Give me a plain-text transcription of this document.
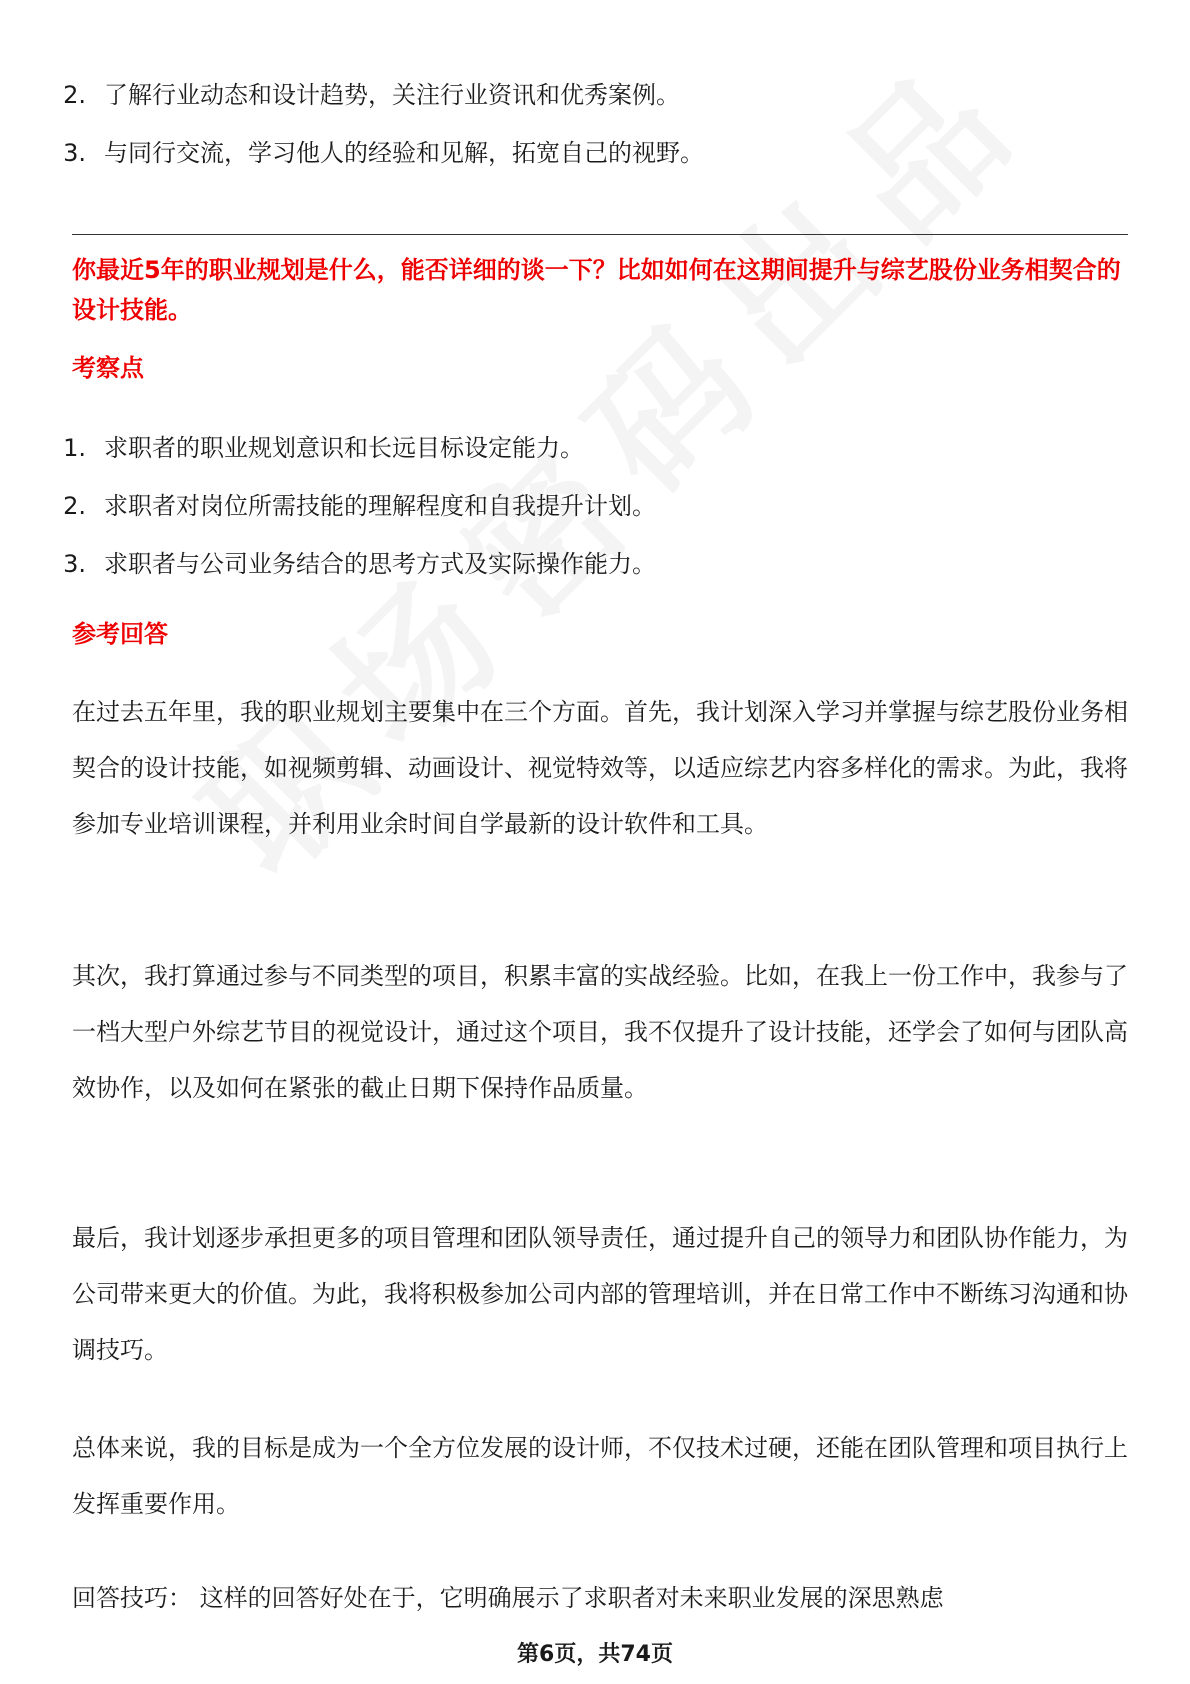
2. 了解行业动态和设计趋势，关注行业资讯和优秀案例。
3. 与同行交流，学习他人的经验和见解，拓宽自己的视野。
你最近5年的职业规划是什么，能否详细的谈一下？比如如何在这期间提升与综艺股份业务相契合的设计技能。
考察点
1. 求职者的职业规划意识和长远目标设定能力。
2. 求职者对岗位所需技能的理解程度和自我提升计划。
3. 求职者与公司业务结合的思考方式及实际操作能力。
参考回答

在过去五年里，我的职业规划主要集中在三个方面。首先，我计划深入学习并掌握与综艺股份业务相契合的设计技能，如视频剪辑、动画设计、视觉特效等，以适应综艺内容多样化的需求。为此，我将参加专业培训课程，并利用业余时间自学最新的设计软件和工具。

其次，我打算通过参与不同类型的项目，积累丰富的实战经验。比如，在我上一份工作中，我参与了一档大型户外综艺节目的视觉设计，通过这个项目，我不仅提升了设计技能，还学会了如何与团队高效协作，以及如何在紧张的截止日期下保持作品质量。

最后，我计划逐步承担更多的项目管理和团队领导责任，通过提升自己的领导力和团队协作能力，为公司带来更大的价值。为此，我将积极参加公司内部的管理培训，并在日常工作中不断练习沟通和协调技巧。

总体来说，我的目标是成为一个全方位发展的设计师，不仅技术过硬，还能在团队管理和项目执行上发挥重要作用。

回答技巧： 这样的回答好处在于，它明确展示了求职者对未来职业发展的深思熟虑

第6页，共74页
